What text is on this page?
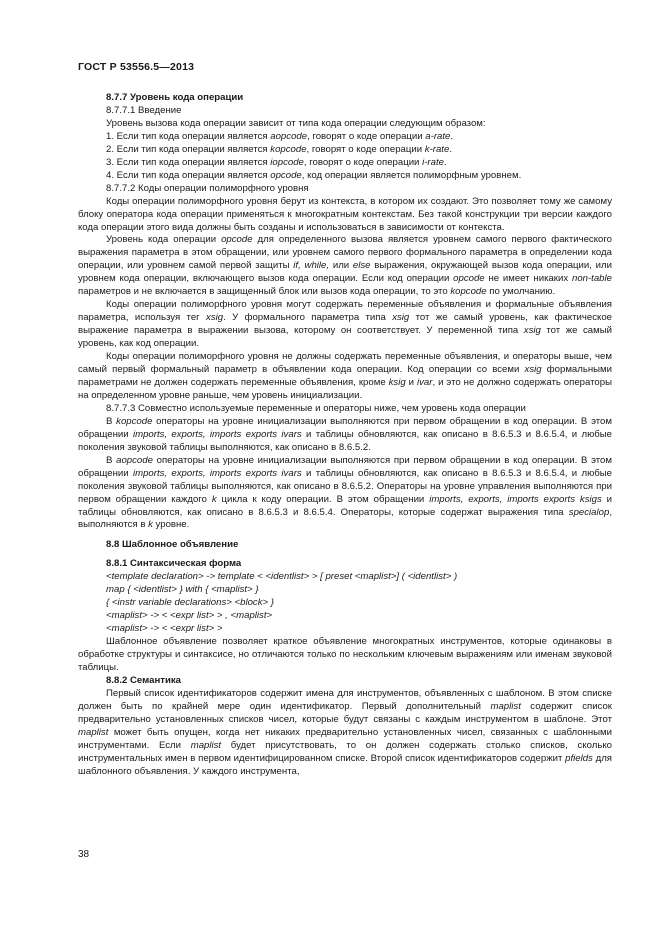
ГОСТ Р 53556.5—2013

8.7.7 Уровень кода операции

8.7.7.1 Введение

Уровень вызова кода операции зависит от типа кода операции следующим образом:

1. Если тип кода операции является aopcode, говорят о коде операции a-rate.

2. Если тип кода операции является kopcode, говорят о коде операции k-rate.

3. Если тип кода операции является iopcode, говорят о коде операции i-rate.

4. Если тип кода операции является opcode, код операции является полиморфным уровнем.

8.7.7.2 Коды операции полиморфного уровня

Коды операции полиморфного уровня берут из контекста, в котором их создают. Это позволяет тому же самому блоку оператора кода операции применяться к многократным контекстам. Без такой конструкции три версии каждого кода операции этого вида должны быть созданы и использоваться в зависимости от контекста.

Уровень кода операции opcode для определенного вызова является уровнем самого первого фактического выражения параметра в этом обращении, или уровнем самого первого формального параметра в определении кода операции, или уровнем самой первой защиты if, while, или else выражения, окружающей вызов кода операции, или уровнем кода операции, включающего вызов кода операции. Если код операции opcode не имеет никаких non-table параметров и не включается в защищенный блок или вызов кода операции, то это kopcode по умолчанию.

Коды операции полиморфного уровня могут содержать переменные объявления и формальные объявления параметра, используя тег xsig. У формального параметра типа xsig тот же самый уровень, как фактическое выражение параметра в выражении вызова, которому он соответствует. У переменной типа xsig тот же самый уровень, как код операции.

Коды операции полиморфного уровня не должны содержать переменные объявления, и операторы выше, чем самый первый формальный параметр в объявлении кода операции. Код операции со всеми xsig формальными параметрами не должен содержать переменные объявления, кроме ksig и ivar, и это не должно содержать операторы на определенном уровне раньше, чем уровень инициализации.

8.7.7.3 Совместно используемые переменные и операторы ниже, чем уровень кода операции

В kopcode операторы на уровне инициализации выполняются при первом обращении в код операции. В этом обращении imports, exports, imports exports ivars и таблицы обновляются, как описано в 8.6.5.3 и 8.6.5.4, и любые поколения звуковой таблицы выполняются, как описано в 8.6.5.2.

В aopcode операторы на уровне инициализации выполняются при первом обращении в код операции. В этом обращении imports, exports, imports exports ivars и таблицы обновляются, как описано в 8.6.5.3 и 8.6.5.4, и любые поколения звуковой таблицы выполняются, как описано в 8.6.5.2. Операторы на уровне управления выполняются при первом обращении каждого k цикла к коду операции. В этом обращении imports, exports, imports exports ksigs и таблицы обновляются, как описано в 8.6.5.3 и 8.6.5.4. Операторы, которые содержат выражения типа specialop, выполняются в k уровне.

8.8 Шаблонное объявление

8.8.1 Синтаксическая форма

<template declaration> -> template < <identlist> > [ preset <maplist>] ( <identlist> )

map { <identlist> } with { <maplist> }

{ <instr variable declarations> <block> }

<maplist> -> < <expr list> > , <maplist>

<maplist> -> < <expr list> >

Шаблонное объявление позволяет краткое объявление многократных инструментов, которые одинаковы в обработке структуры и синтаксисе, но отличаются только по нескольким ключевым выражениям или именам звуковой таблицы.

8.8.2 Семантика

Первый список идентификаторов содержит имена для инструментов, объявленных с шаблоном. В этом списке должен быть по крайней мере один идентификатор. Первый дополнительный maplist содержит список предварительно установленных списков чисел, которые будут связаны с каждым инструментом в шаблоне. Этот maplist может быть опущен, когда нет никаких предварительно установленных чисел, связанных с шаблонными инструментами. Если maplist будет присутствовать, то он должен содержать столько списков, сколько инструментальных имен в первом идентифицированном списке. Второй список идентификаторов содержит pfields для шаблонного объявления. У каждого инструмента,

38
